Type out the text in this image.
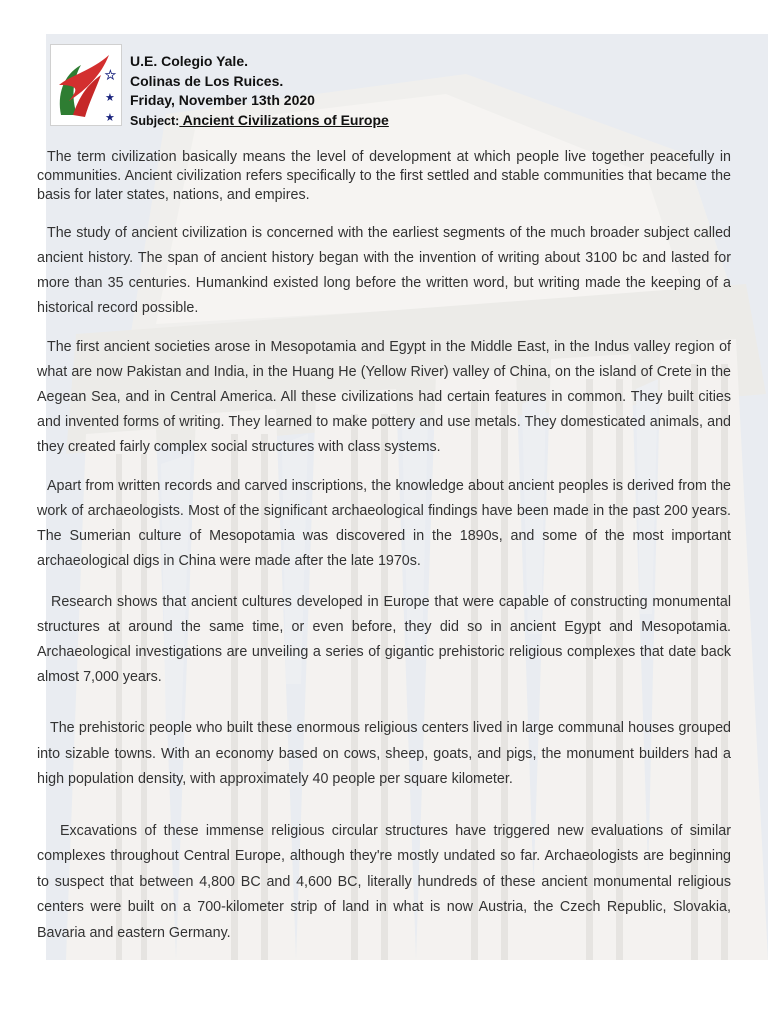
★
★
★
U.E. Colegio Yale.
Colinas de Los Ruices.
Friday, November 13th 2020
Subject: Ancient Civilizations of Europe

The term civilization basically means the level of development at which people live together peacefully in communities. Ancient civilization refers specifically to the first settled and stable communities that became the basis for later states, nations, and empires.

The study of ancient civilization is concerned with the earliest segments of the much broader subject called ancient history. The span of ancient history began with the invention of writing about 3100 bc and lasted for more than 35 centuries. Humankind existed long before the written word, but writing made the keeping of a historical record possible.

The first ancient societies arose in Mesopotamia and Egypt in the Middle East, in the Indus valley region of what are now Pakistan and India, in the Huang He (Yellow River) valley of China, on the island of Crete in the Aegean Sea, and in Central America. All these civilizations had certain features in common. They built cities and invented forms of writing. They learned to make pottery and use metals. They domesticated animals, and they created fairly complex social structures with class systems.

Apart from written records and carved inscriptions, the knowledge about ancient peoples is derived from the work of archaeologists. Most of the significant archaeological findings have been made in the past 200 years. The Sumerian culture of Mesopotamia was discovered in the 1890s, and some of the most important archaeological digs in China were made after the late 1970s.

Research shows that ancient cultures developed in Europe that were capable of constructing monumental structures at around the same time, or even before, they did so in ancient Egypt and Mesopotamia. Archaeological investigations are unveiling a series of gigantic prehistoric religious complexes that date back almost 7,000 years.

The prehistoric people who built these enormous religious centers lived in large communal houses grouped into sizable towns. With an economy based on cows, sheep, goats, and pigs, the monument builders had a high population density, with approximately 40 people per square kilometer.

Excavations of these immense religious circular structures have triggered new evaluations of similar complexes throughout Central Europe, although they're mostly undated so far. Archaeologists are beginning to suspect that between 4,800 BC and 4,600 BC, literally hundreds of these ancient monumental religious centers were built on a 700-kilometer strip of land in what is now Austria, the Czech Republic, Slovakia, Bavaria and eastern Germany.
